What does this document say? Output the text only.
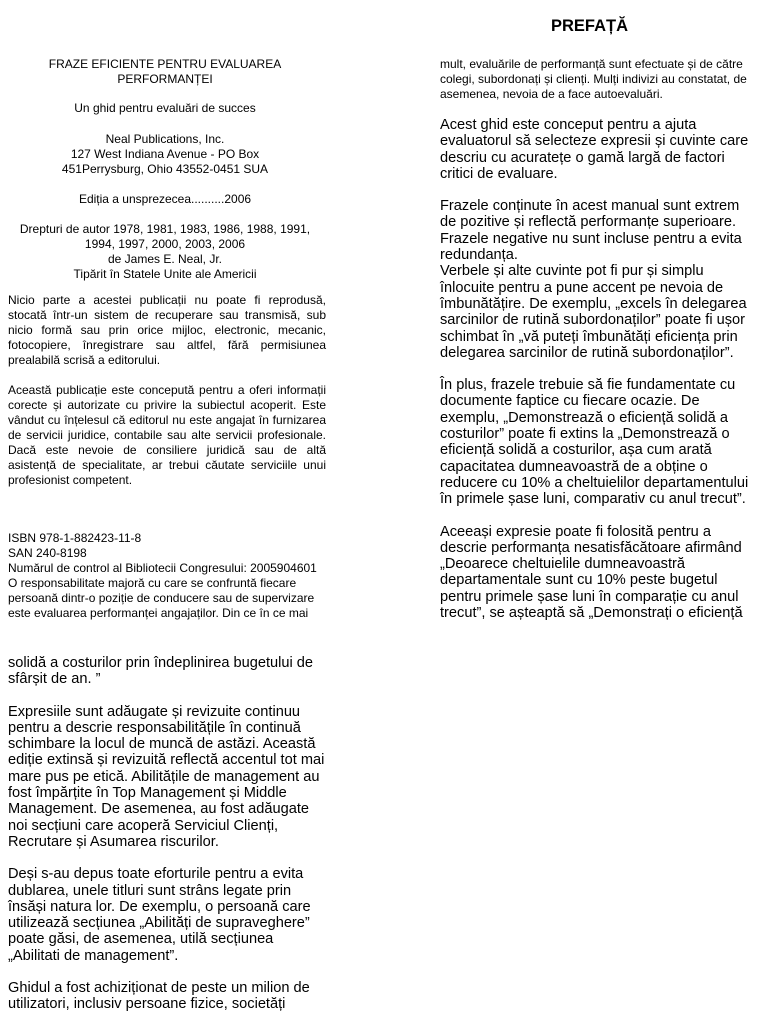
FRAZE EFICIENTE PENTRU EVALUAREA
PERFORMANȚEI
Un ghid pentru evaluări de succes
Neal Publications, Inc.
127 West Indiana Avenue - PO Box
451Perrysburg, Ohio 43552-0451 SUA
Ediția a unsprezecea..........2006
Drepturi de autor 1978, 1981, 1983, 1986, 1988, 1991,
1994, 1997, 2000, 2003, 2006
de James E. Neal, Jr.
Tipărit în Statele Unite ale Americii

Nicio parte a acestei publicații nu poate fi reprodusă, stocată într-un sistem de recuperare sau transmisă, sub nicio formă sau prin orice mijloc, electronic, mecanic, fotocopiere, înregistrare sau altfel, fără permisiunea prealabilă scrisă a editorului.

Această publicație este concepută pentru a oferi informații corecte și autorizate cu privire la subiectul acoperit. Este vândut cu înțelesul că editorul nu este angajat în furnizarea de servicii juridice, contabile sau alte servicii profesionale. Dacă este nevoie de consiliere juridică sau de altă asistență de specialitate, ar trebui căutate serviciile unui profesionist competent.

ISBN 978-1-882423-11-8
SAN 240-8198
Numărul de control al Bibliotecii Congresului: 2005904601
O responsabilitate majoră cu care se confruntă fiecare
persoană dintr-o poziție de conducere sau de supervizare
este evaluarea performanței angajaților. Din ce în ce mai
PREFAȚĂ

mult, evaluările de performanță sunt efectuate și de către colegi, subordonați și clienți. Mulți indivizi au constatat, de asemenea, nevoia de a face autoevaluări.

Acest ghid este conceput pentru a ajuta evaluatorul să selecteze expresii și cuvinte care descriu cu acuratețe o gamă largă de factori critici de evaluare.

Frazele conținute în acest manual sunt extrem de pozitive și reflectă performanțe superioare. Frazele negative nu sunt incluse pentru a evita redundanța.

Verbele și alte cuvinte pot fi pur și simplu înlocuite pentru a pune accent pe nevoia de îmbunătățire. De exemplu, „excels în delegarea sarcinilor de rutină subordonaților” poate fi ușor schimbat în „vă puteți îmbunătăți eficiența prin delegarea sarcinilor de rutină subordonaților”.

În plus, frazele trebuie să fie fundamentate cu documente faptice cu fiecare ocazie. De exemplu, „Demonstrează o eficiență solidă a costurilor” poate fi extins la „Demonstrează o eficiență solidă a costurilor, așa cum arată capacitatea dumneavoastră de a obține o reducere cu 10% a cheltuielilor departamentului în primele șase luni, comparativ cu anul trecut”.

Aceeași expresie poate fi folosită pentru a descrie performanța nesatisfăcătoare afirmând „Deoarece cheltuielile dumneavoastră departamentale sunt cu 10% peste bugetul pentru primele șase luni în comparație cu anul trecut”, se așteaptă să „Demonstrați o eficiență

solidă a costurilor prin îndeplinirea bugetului de sfârșit de an. ”

Expresiile sunt adăugate și revizuite continuu pentru a descrie responsabilitățile în continuă schimbare la locul de muncă de astăzi. Această ediție extinsă și revizuită reflectă accentul tot mai mare pus pe etică. Abilitățile de management au fost împărțite în Top Management și Middle Management. De asemenea, au fost adăugate noi secțiuni care acoperă Serviciul Clienți, Recrutare și Asumarea riscurilor.

Deși s-au depus toate eforturile pentru a evita dublarea, unele titluri sunt strâns legate prin însăși natura lor. De exemplu, o persoană care utilizează secțiunea „Abilități de supraveghere” poate găsi, de asemenea, utilă secțiunea „Abilitati de management”.

Ghidul a fost achiziționat de peste un milion de utilizatori, inclusiv persoane fizice, societăți
